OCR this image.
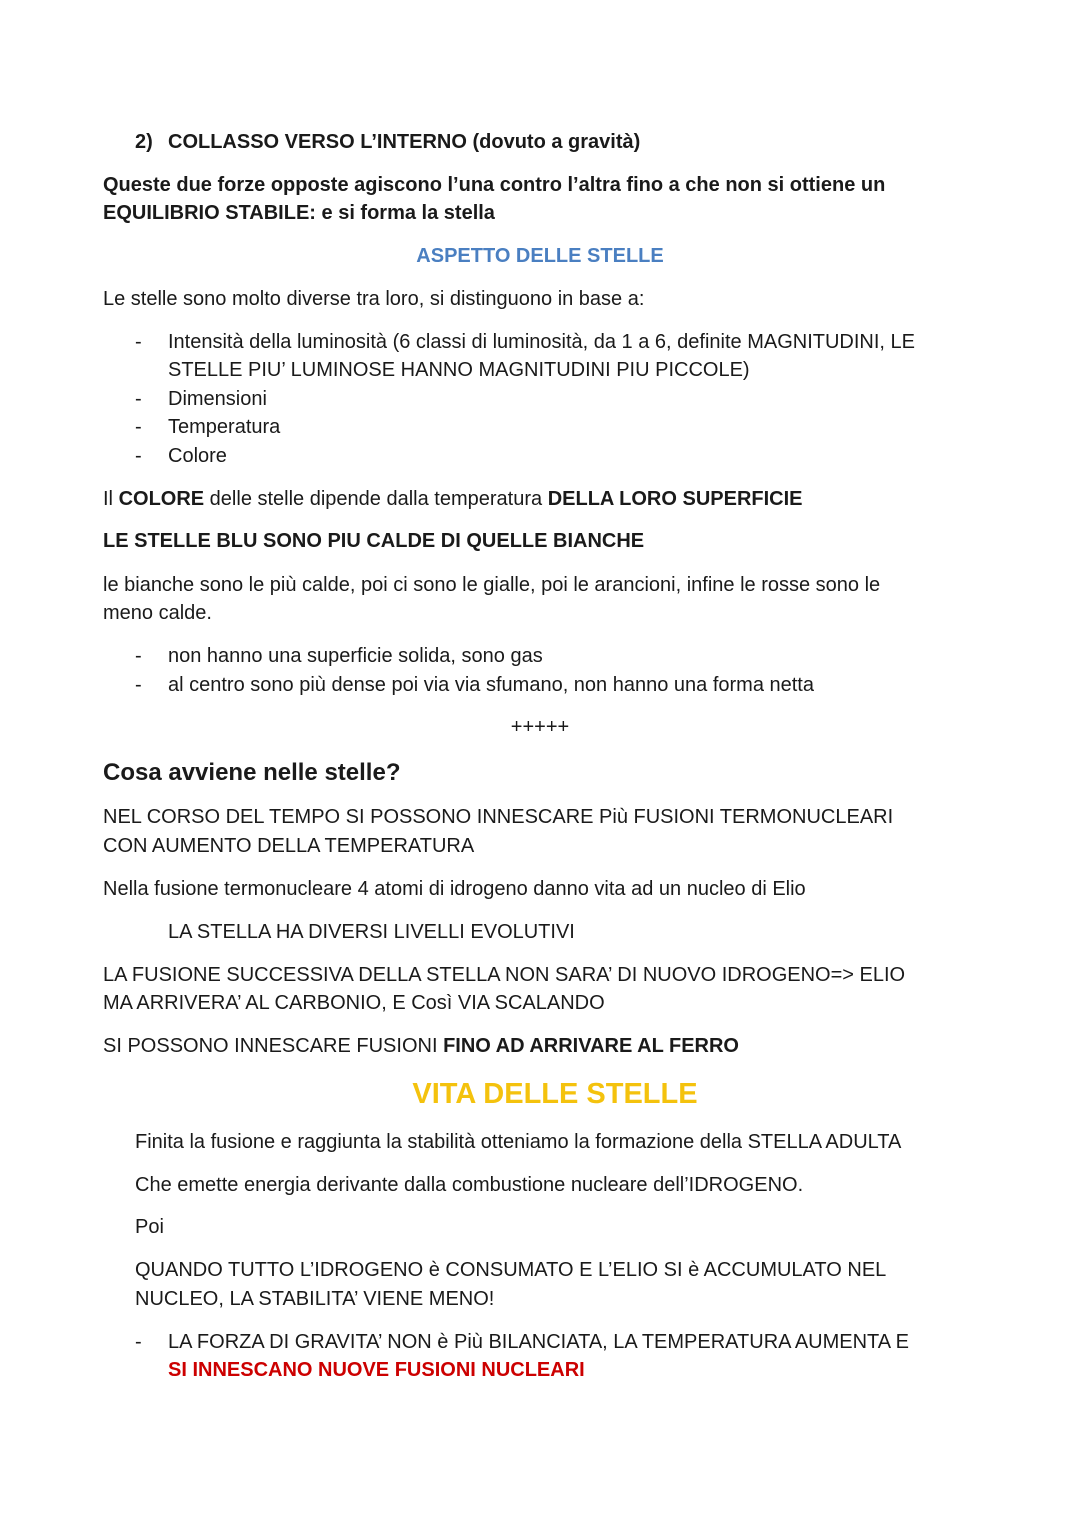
2) COLLASSO VERSO L’INTERNO (dovuto a gravità)
Queste due forze opposte agiscono l’una contro l’altra fino a che non si ottiene un
EQUILIBRIO STABILE: e si forma la stella
ASPETTO DELLE STELLE
Le stelle sono molto diverse tra loro, si distinguono in base a:
- Intensità della luminosità (6 classi di luminosità, da 1 a 6, definite MAGNITUDINI, LE
STELLE PIU’ LUMINOSE HANNO MAGNITUDINI PIU PICCOLE)
- Dimensioni
- Temperatura
- Colore
Il COLORE delle stelle dipende dalla temperatura DELLA LORO SUPERFICIE
LE STELLE BLU SONO PIU CALDE DI QUELLE BIANCHE
le bianche sono le più calde, poi ci sono le gialle, poi le arancioni, infine le rosse sono le
meno calde.
- non hanno una superficie solida, sono gas
- al centro sono più dense poi via via sfumano, non hanno una forma netta
+++++
Cosa avviene nelle stelle?
NEL CORSO DEL TEMPO SI POSSONO INNESCARE Più FUSIONI TERMONUCLEARI
CON AUMENTO DELLA TEMPERATURA
Nella fusione termonucleare 4 atomi di idrogeno danno vita ad un nucleo di Elio
LA STELLA HA DIVERSI LIVELLI EVOLUTIVI
LA FUSIONE SUCCESSIVA DELLA STELLA NON SARA’ DI NUOVO IDROGENO=> ELIO
MA ARRIVERA’ AL CARBONIO, E Così VIA SCALANDO
SI POSSONO INNESCARE FUSIONI FINO AD ARRIVARE AL FERRO
VITA DELLE STELLE
Finita la fusione e raggiunta la stabilità otteniamo la formazione della STELLA ADULTA
Che emette energia derivante dalla combustione nucleare dell’IDROGENO.
Poi
QUANDO TUTTO L’IDROGENO è CONSUMATO E L’ELIO SI è ACCUMULATO NEL
NUCLEO, LA STABILITA’ VIENE MENO!
- LA FORZA DI GRAVITA’ NON è Più BILANCIATA, LA TEMPERATURA AUMENTA E
SI INNESCANO NUOVE FUSIONI NUCLEARI
